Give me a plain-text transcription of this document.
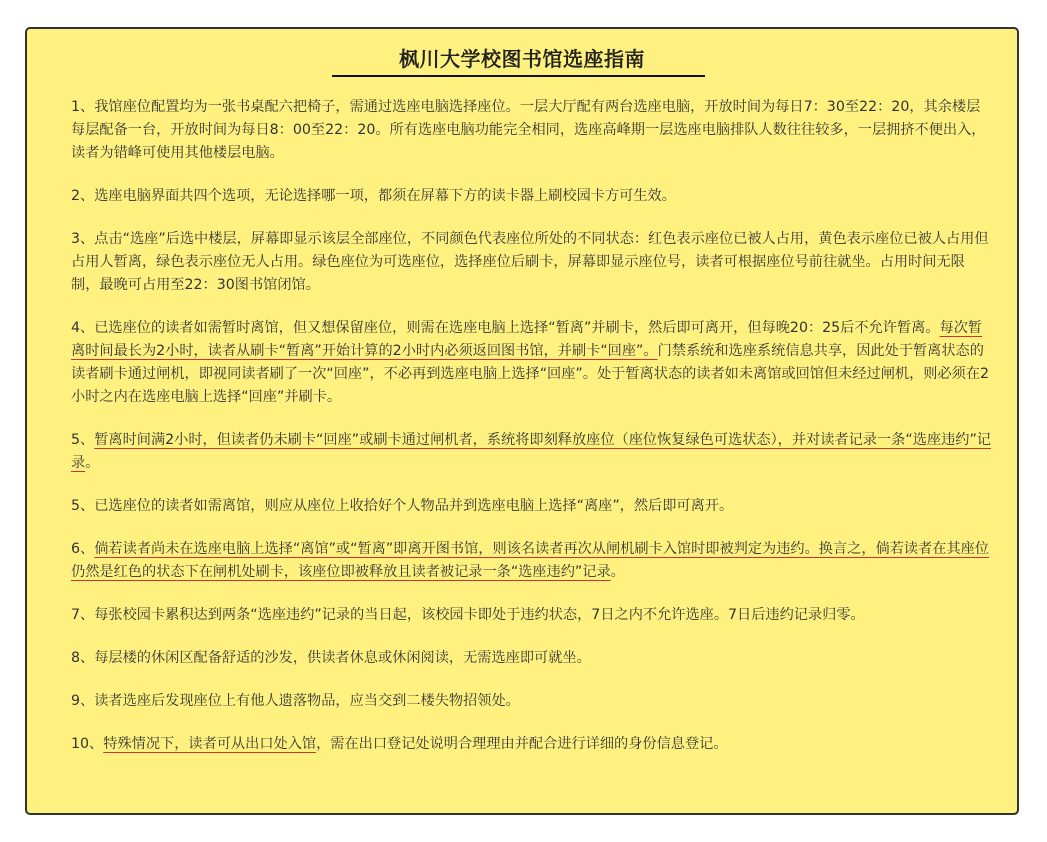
枫川大学校图书馆选座指南

1、我馆座位配置均为一张书桌配六把椅子，需通过选座电脑选择座位。一层大厅配有两台选座电脑，开放时间为每日7：30至22：20，其余楼层每层配备一台，开放时间为每日8：00至22：20。所有选座电脑功能完全相同，选座高峰期一层选座电脑排队人数往往较多，一层拥挤不便出入，读者为错峰可使用其他楼层电脑。

2、选座电脑界面共四个选项，无论选择哪一项，都须在屏幕下方的读卡器上刷校园卡方可生效。

3、点击“选座”后选中楼层，屏幕即显示该层全部座位，不同颜色代表座位所处的不同状态：红色表示座位已被人占用，黄色表示座位已被人占用但占用人暂离，绿色表示座位无人占用。绿色座位为可选座位，选择座位后刷卡，屏幕即显示座位号，读者可根据座位号前往就坐。占用时间无限制，最晚可占用至22：30图书馆闭馆。

4、已选座位的读者如需暂时离馆，但又想保留座位，则需在选座电脑上选择“暂离”并刷卡，然后即可离开，但每晚20：25后不允许暂离。每次暂离时间最长为2小时，读者从刷卡“暂离”开始计算的2小时内必须返回图书馆，并刷卡“回座”。门禁系统和选座系统信息共享，因此处于暂离状态的读者刷卡通过闸机，即视同读者刷了一次“回座”，不必再到选座电脑上选择“回座”。处于暂离状态的读者如未离馆或回馆但未经过闸机，则必须在2小时之内在选座电脑上选择“回座”并刷卡。

5、暂离时间满2小时，但读者仍未刷卡“回座”或刷卡通过闸机者，系统将即刻释放座位（座位恢复绿色可选状态），并对读者记录一条“选座违约”记录。

5、已选座位的读者如需离馆，则应从座位上收拾好个人物品并到选座电脑上选择“离座”，然后即可离开。

6、倘若读者尚未在选座电脑上选择“离馆”或“暂离”即离开图书馆，则该名读者再次从闸机刷卡入馆时即被判定为违约。换言之，倘若读者在其座位仍然是红色的状态下在闸机处刷卡，该座位即被释放且读者被记录一条“选座违约”记录。

7、每张校园卡累积达到两条“选座违约”记录的当日起，该校园卡即处于违约状态，7日之内不允许选座。7日后违约记录归零。

8、每层楼的休闲区配备舒适的沙发，供读者休息或休闲阅读，无需选座即可就坐。

9、读者选座后发现座位上有他人遗落物品，应当交到二楼失物招领处。

10、特殊情况下，读者可从出口处入馆，需在出口登记处说明合理理由并配合进行详细的身份信息登记。
